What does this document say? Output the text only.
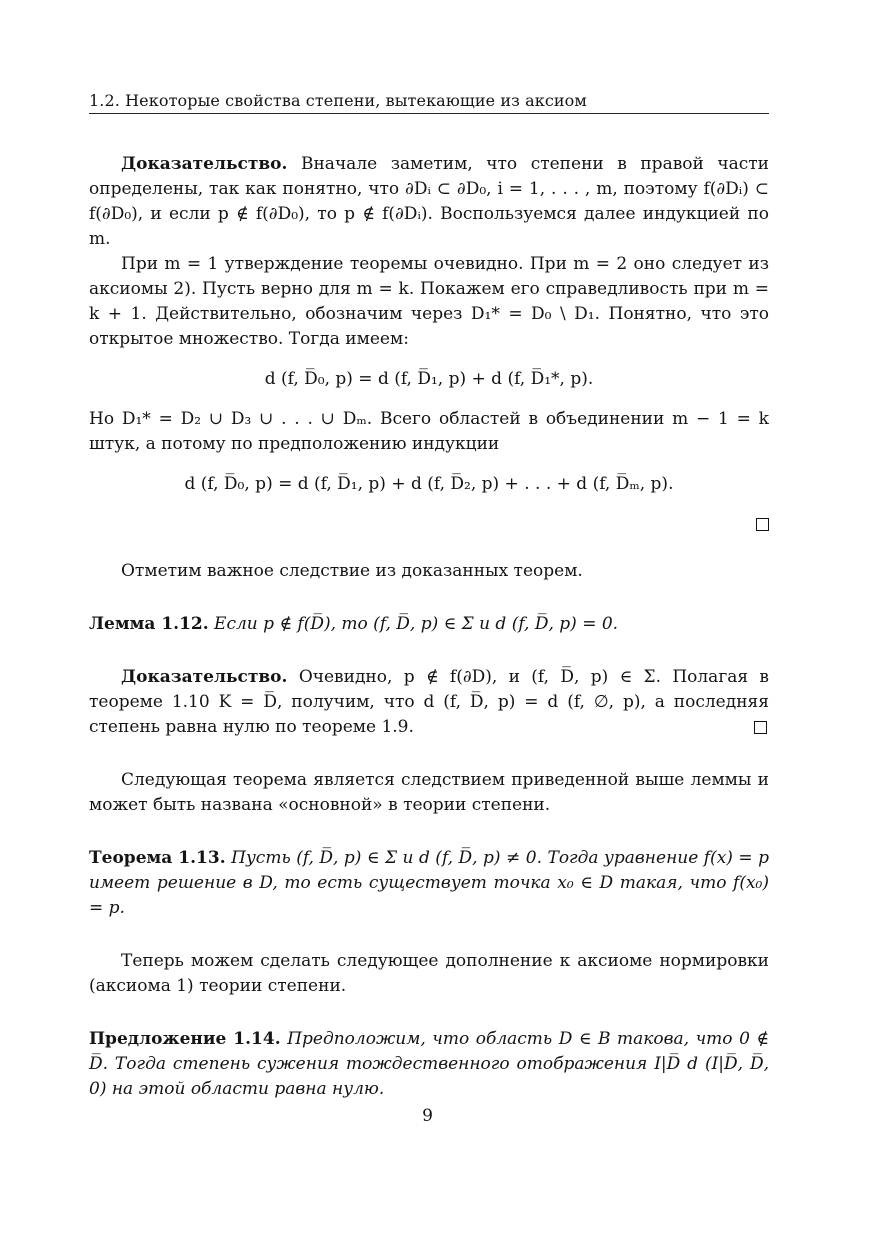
1.2. Некоторые свойства степени, вытекающие из аксиом

Доказательство. Вначале заметим, что степени в правой части определены, так как понятно, что ∂Dᵢ ⊂ ∂D₀, i = 1, . . . , m, поэтому f(∂Dᵢ) ⊂ f(∂D₀), и если p ∉ f(∂D₀), то p ∉ f(∂Dᵢ). Воспользуемся далее индукцией по m.

При m = 1 утверждение теоремы очевидно. При m = 2 оно следует из аксиомы 2). Пусть верно для m = k. Покажем его справедливость при m = k + 1. Действительно, обозначим через D₁* = D₀ \ D₁. Понятно, что это открытое множество. Тогда имеем:

d (f, D̅₀, p) = d (f, D̅₁, p) + d (f, D̅₁*, p).

Но D₁* = D₂ ∪ D₃ ∪ . . . ∪ Dₘ. Всего областей в объединении m − 1 = k штук, а потому по предположению индукции

d (f, D̅₀, p) = d (f, D̅₁, p) + d (f, D̅₂, p) + . . . + d (f, D̅ₘ, p).

Отметим важное следствие из доказанных теорем.

Лемма 1.12. Если p ∉ f(D̅), то (f, D̅, p) ∈ Σ и d (f, D̅, p) = 0.

Доказательство. Очевидно, p ∉ f(∂D), и (f, D̅, p) ∈ Σ. Полагая в теореме 1.10 K = D̅, получим, что d (f, D̅, p) = d (f, ∅, p), а последняя степень равна нулю по теореме 1.9.

Следующая теорема является следствием приведенной выше леммы и может быть названа «основной» в теории степени.

Теорема 1.13. Пусть (f, D̅, p) ∈ Σ и d (f, D̅, p) ≠ 0. Тогда уравнение f(x) = p имеет решение в D, то есть существует точка x₀ ∈ D такая, что f(x₀) = p.

Теперь можем сделать следующее дополнение к аксиоме нормировки (аксиома 1) теории степени.

Предложение 1.14. Предположим, что область D ∈ B такова, что 0 ∉ D̅. Тогда степень сужения тождественного отображения I|D̅ d (I|D̅, D̅, 0) на этой области равна нулю.

9
